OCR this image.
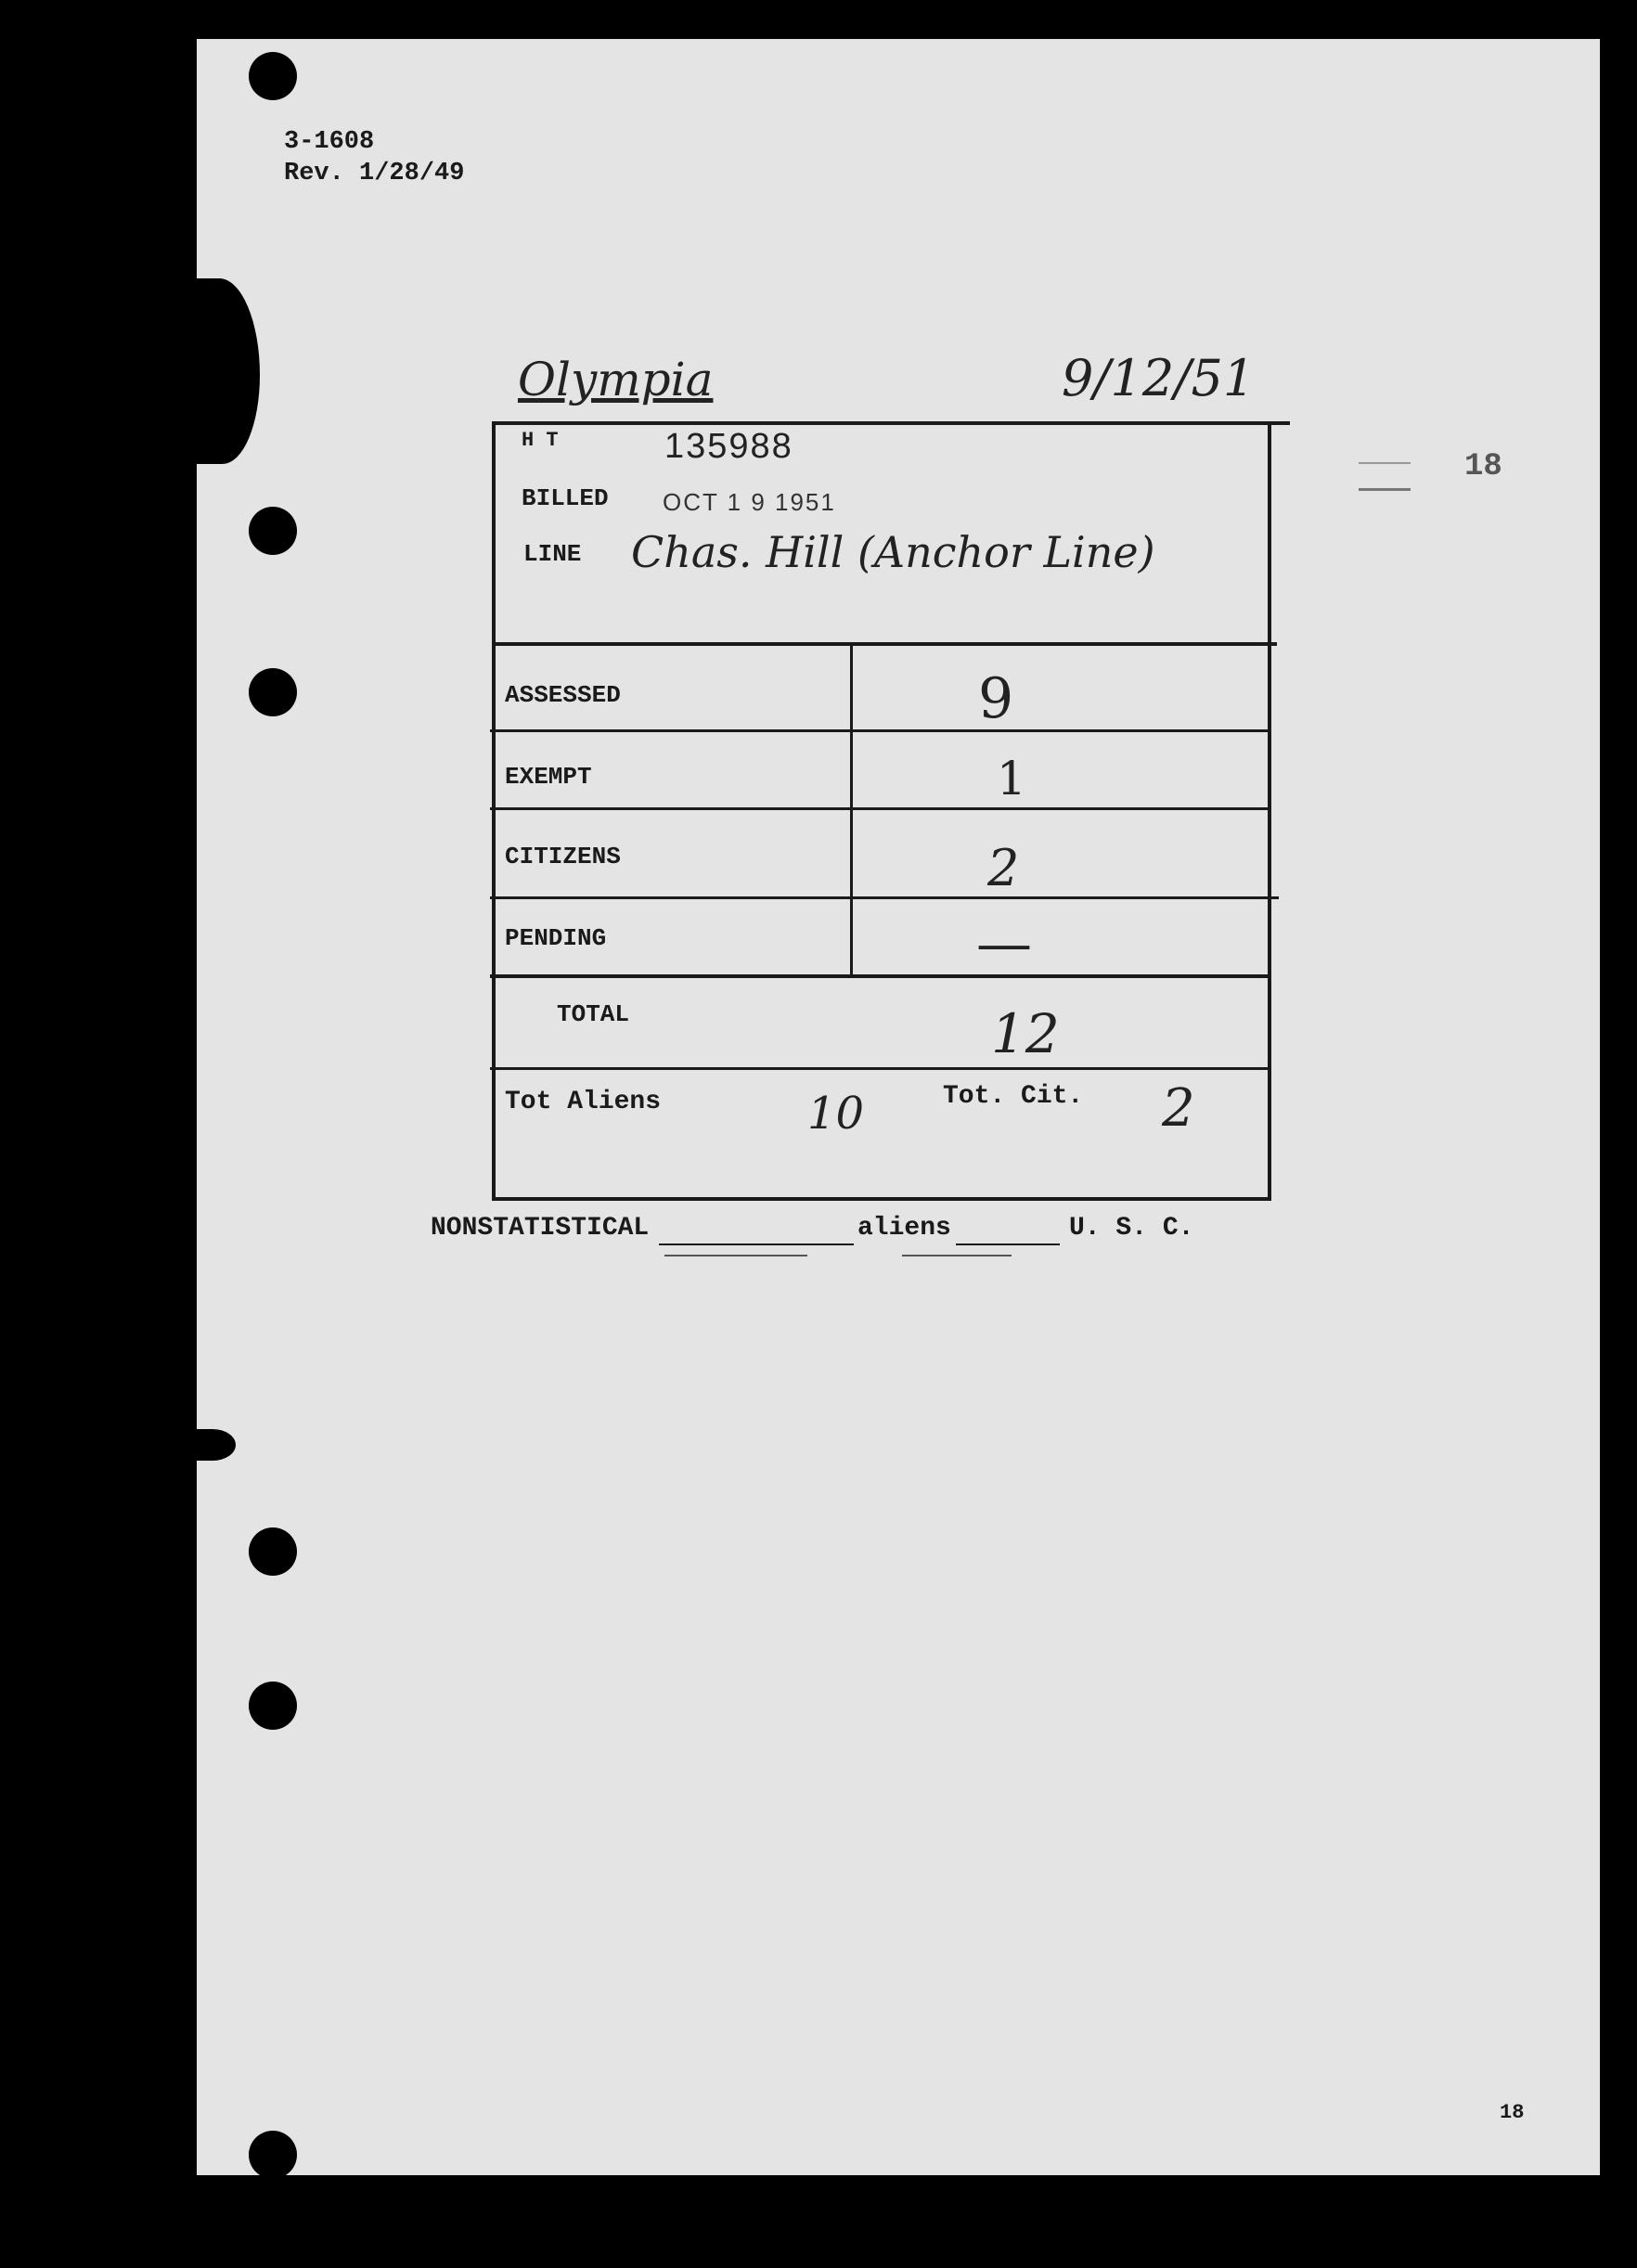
3-1608
Rev. 1/28/49
Olympia	9/12/51
18
H T	135988
BILLED OCT 1 9 1951
LINE Chas. Hill (Anchor Line)
ASSESSED	9
EXEMPT	1
CITIZENS	2
PENDING	—
TOTAL	12
Tot Aliens	10	Tot. Cit. 2
NONSTATISTICAL	aliens	U. S. C.
18
